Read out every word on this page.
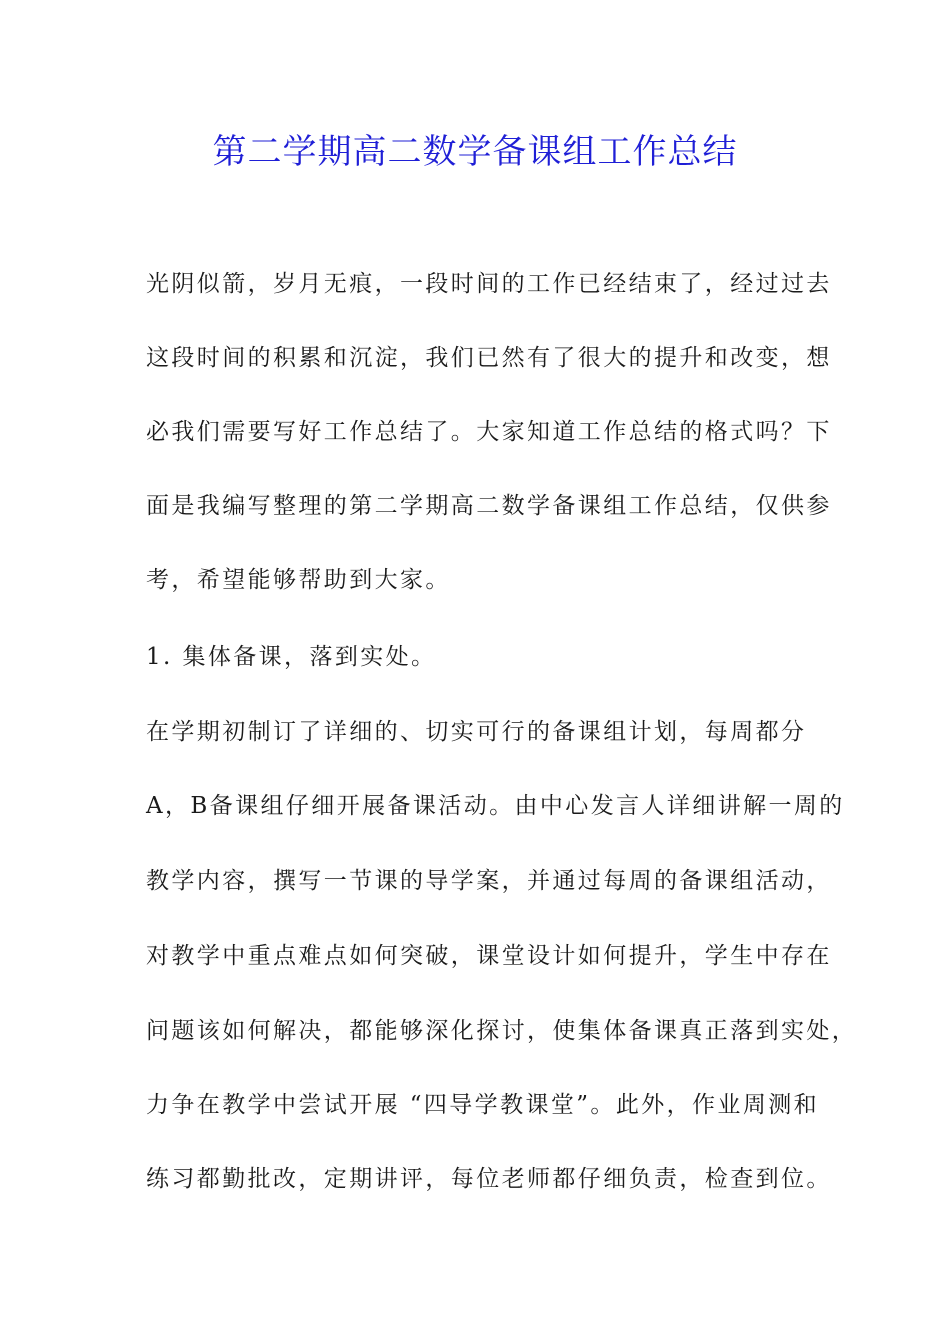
第二学期高二数学备课组工作总结
光阴似箭，岁月无痕，一段时间的工作已经结束了，经过过去
这段时间的积累和沉淀，我们已然有了很大的提升和改变，想
必我们需要写好工作总结了。大家知道工作总结的格式吗？下
面是我编写整理的第二学期高二数学备课组工作总结，仅供参
考，希望能够帮助到大家。
1. 集体备课，落到实处。
在学期初制订了详细的、切实可行的备课组计划，每周都分
A，B备课组仔细开展备课活动。由中心发言人详细讲解一周的
教学内容，撰写一节课的导学案，并通过每周的备课组活动，
对教学中重点难点如何突破，课堂设计如何提升，学生中存在
问题该如何解决，都能够深化探讨，使集体备课真正落到实处，
力争在教学中尝试开展 “四导学教课堂”。此外，作业周测和
练习都勤批改，定期讲评，每位老师都仔细负责，检查到位。
